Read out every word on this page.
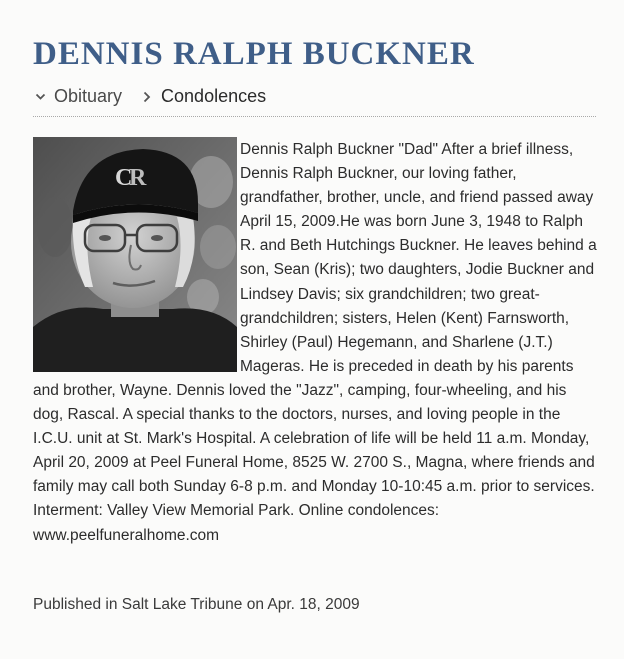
DENNIS RALPH BUCKNER
Obituary Condolences
C
R

Dennis Ralph Buckner "Dad" After a brief illness, Dennis Ralph Buckner, our loving father, grandfather, brother, uncle, and friend passed away April 15, 2009.He was born June 3, 1948 to Ralph R. and Beth Hutchings Buckner. He leaves behind a son, Sean (Kris); two daughters, Jodie Buckner and Lindsey Davis; six grandchildren; two great-grandchildren; sisters, Helen (Kent) Farnsworth, Shirley (Paul) Hegemann, and Sharlene (J.T.) Mageras. He is preceded in death by his parents and brother, Wayne. Dennis loved the "Jazz", camping, four-wheeling, and his dog, Rascal. A special thanks to the doctors, nurses, and loving people in the I.C.U. unit at St. Mark's Hospital. A celebration of life will be held 11 a.m. Monday, April 20, 2009 at Peel Funeral Home, 8525 W. 2700 S., Magna, where friends and family may call both Sunday 6-8 p.m. and Monday 10-10:45 a.m. prior to services. Interment: Valley View Memorial Park. Online condolences: www.peelfuneralhome.com

Published in Salt Lake Tribune on Apr. 18, 2009
